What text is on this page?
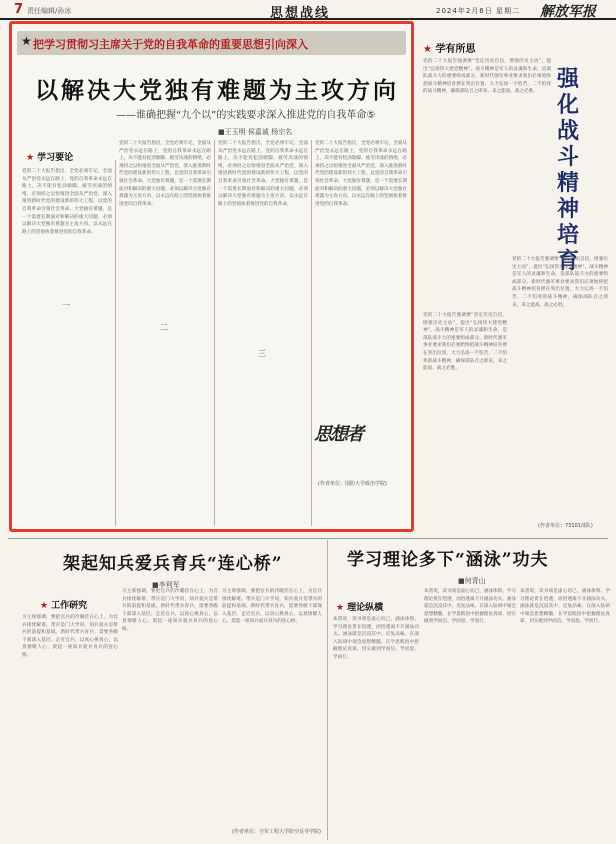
7 责任编辑/孙冰	思想战线	2024年2月6日 星期二 解放军报
★ 把学习贯彻习主席关于党的自我革命的重要思想引向深入
以解决大党独有难题为主攻方向
——谁确把握“九个以”的实践要求深入推进党的自我革命⑤
■王玉明 侯嘉诚 杨宗名
★ 学习要论
党的二十大报告指出，全党必须牢记，全面从严治党永远在路上，党的自我革命永远在路上，决不能有松劲歇脚、疲劳厌战的情绪，必须持之以恒推进全面从严治党，深入推进新时代党的建设新的伟大工程，以党的自我革命引领社会革命。大党独有难题，是一个需要长期面对和解决的重大问题，必须以解决大党独有难题为主攻方向，以永远在路上的坚韧执着推进党的自我革命。
一
党的二十大报告指出，全党必须牢记，全面从严治党永远在路上，党的自我革命永远在路上，决不能有松劲歇脚、疲劳厌战的情绪，必须持之以恒推进全面从严治党，深入推进新时代党的建设新的伟大工程，以党的自我革命引领社会革命。大党独有难题，是一个需要长期面对和解决的重大问题，必须以解决大党独有难题为主攻方向，以永远在路上的坚韧执着推进党的自我革命。
二
党的二十大报告指出，全党必须牢记，全面从严治党永远在路上，党的自我革命永远在路上，决不能有松劲歇脚、疲劳厌战的情绪，必须持之以恒推进全面从严治党，深入推进新时代党的建设新的伟大工程，以党的自我革命引领社会革命。大党独有难题，是一个需要长期面对和解决的重大问题，必须以解决大党独有难题为主攻方向，以永远在路上的坚韧执着推进党的自我革命。
三
党的二十大报告指出，全党必须牢记，全面从严治党永远在路上，党的自我革命永远在路上，决不能有松劲歇脚、疲劳厌战的情绪，必须持之以恒推进全面从严治党，深入推进新时代党的建设新的伟大工程，以党的自我革命引领社会革命。大党独有难题，是一个需要长期面对和解决的重大问题，必须以解决大党独有难题为主攻方向，以永远在路上的坚韧执着推进党的自我革命。
思想者
(作者单位：国防大学政治学院)
★ 学有所思
党的二十大报告强调要“坚定历史自信，增强历史主动”，提出“弘扬伟大建党精神”。战斗精神是军人的灵魂和生命，是部队战斗力的重要组成部分。新时代强军事业要求我们必须始终把战斗精神培育摆在突出位置，大力弘扬一不怕苦、二不怕死的战斗精神，确保部队召之即来、来之能战、战之必胜。 强化战斗精神培育
党的二十大报告强调要“坚定历史自信，增强历史主动”，提出“弘扬伟大建党精神”。战斗精神是军人的灵魂和生命，是部队战斗力的重要组成部分。新时代强军事业要求我们必须始终把战斗精神培育摆在突出位置，大力弘扬一不怕苦、二不怕死的战斗精神，确保部队召之即来、来之能战、战之必胜。
党的二十大报告强调要“坚定历史自信，增强历史主动”，提出“弘扬伟大建党精神”。战斗精神是军人的灵魂和生命，是部队战斗力的重要组成部分。新时代强军事业要求我们必须始终把战斗精神培育摆在突出位置，大力弘扬一不怕苦、二不怕死的战斗精神，确保部队召之即来、来之能战、战之必胜。
(作者单位：73101部队)
架起知兵爱兵育兵“连心桥”
■李利军
★ 工作研究
习主席强调，要把官兵的冷暖挂在心上，为官兵排忧解难。带兵是门大学问，知兵爱兵是带兵的前提和基础。新时代带兵育兵，需要各级干部深入基层、走近官兵，以真心换真心，以真情暖人心，架起一座知兵爱兵育兵的连心桥。
习主席强调，要把官兵的冷暖挂在心上，为官兵排忧解难。带兵是门大学问，知兵爱兵是带兵的前提和基础。新时代带兵育兵，需要各级干部深入基层、走近官兵，以真心换真心，以真情暖人心，架起一座知兵爱兵育兵的连心桥。
习主席强调，要把官兵的冷暖挂在心上，为官兵排忧解难。带兵是门大学问，知兵爱兵是带兵的前提和基础。新时代带兵育兵，需要各级干部深入基层、走近官兵，以真心换真心，以真情暖人心，架起一座知兵爱兵育兵的连心桥。
(作者单位：空军工程大学防空反导学院)
学习理论多下“涵泳”功夫
■何青山
★ 理论纵横
朱熹说，读书须是虚心切己，涵泳体察。学习理论贵在悟透，而悟透离不开涵泳功夫。涵泳就是沉浸其中、反复品味，在深入钻研中领会思想精髓，在学思践悟中把握理论真谛，切实做到学而信、学而思、学而行。
朱熹说，读书须是虚心切己，涵泳体察。学习理论贵在悟透，而悟透离不开涵泳功夫。涵泳就是沉浸其中、反复品味，在深入钻研中领会思想精髓，在学思践悟中把握理论真谛，切实做到学而信、学而思、学而行。
朱熹说，读书须是虚心切己，涵泳体察。学习理论贵在悟透，而悟透离不开涵泳功夫。涵泳就是沉浸其中、反复品味，在深入钻研中领会思想精髓，在学思践悟中把握理论真谛，切实做到学而信、学而思、学而行。
